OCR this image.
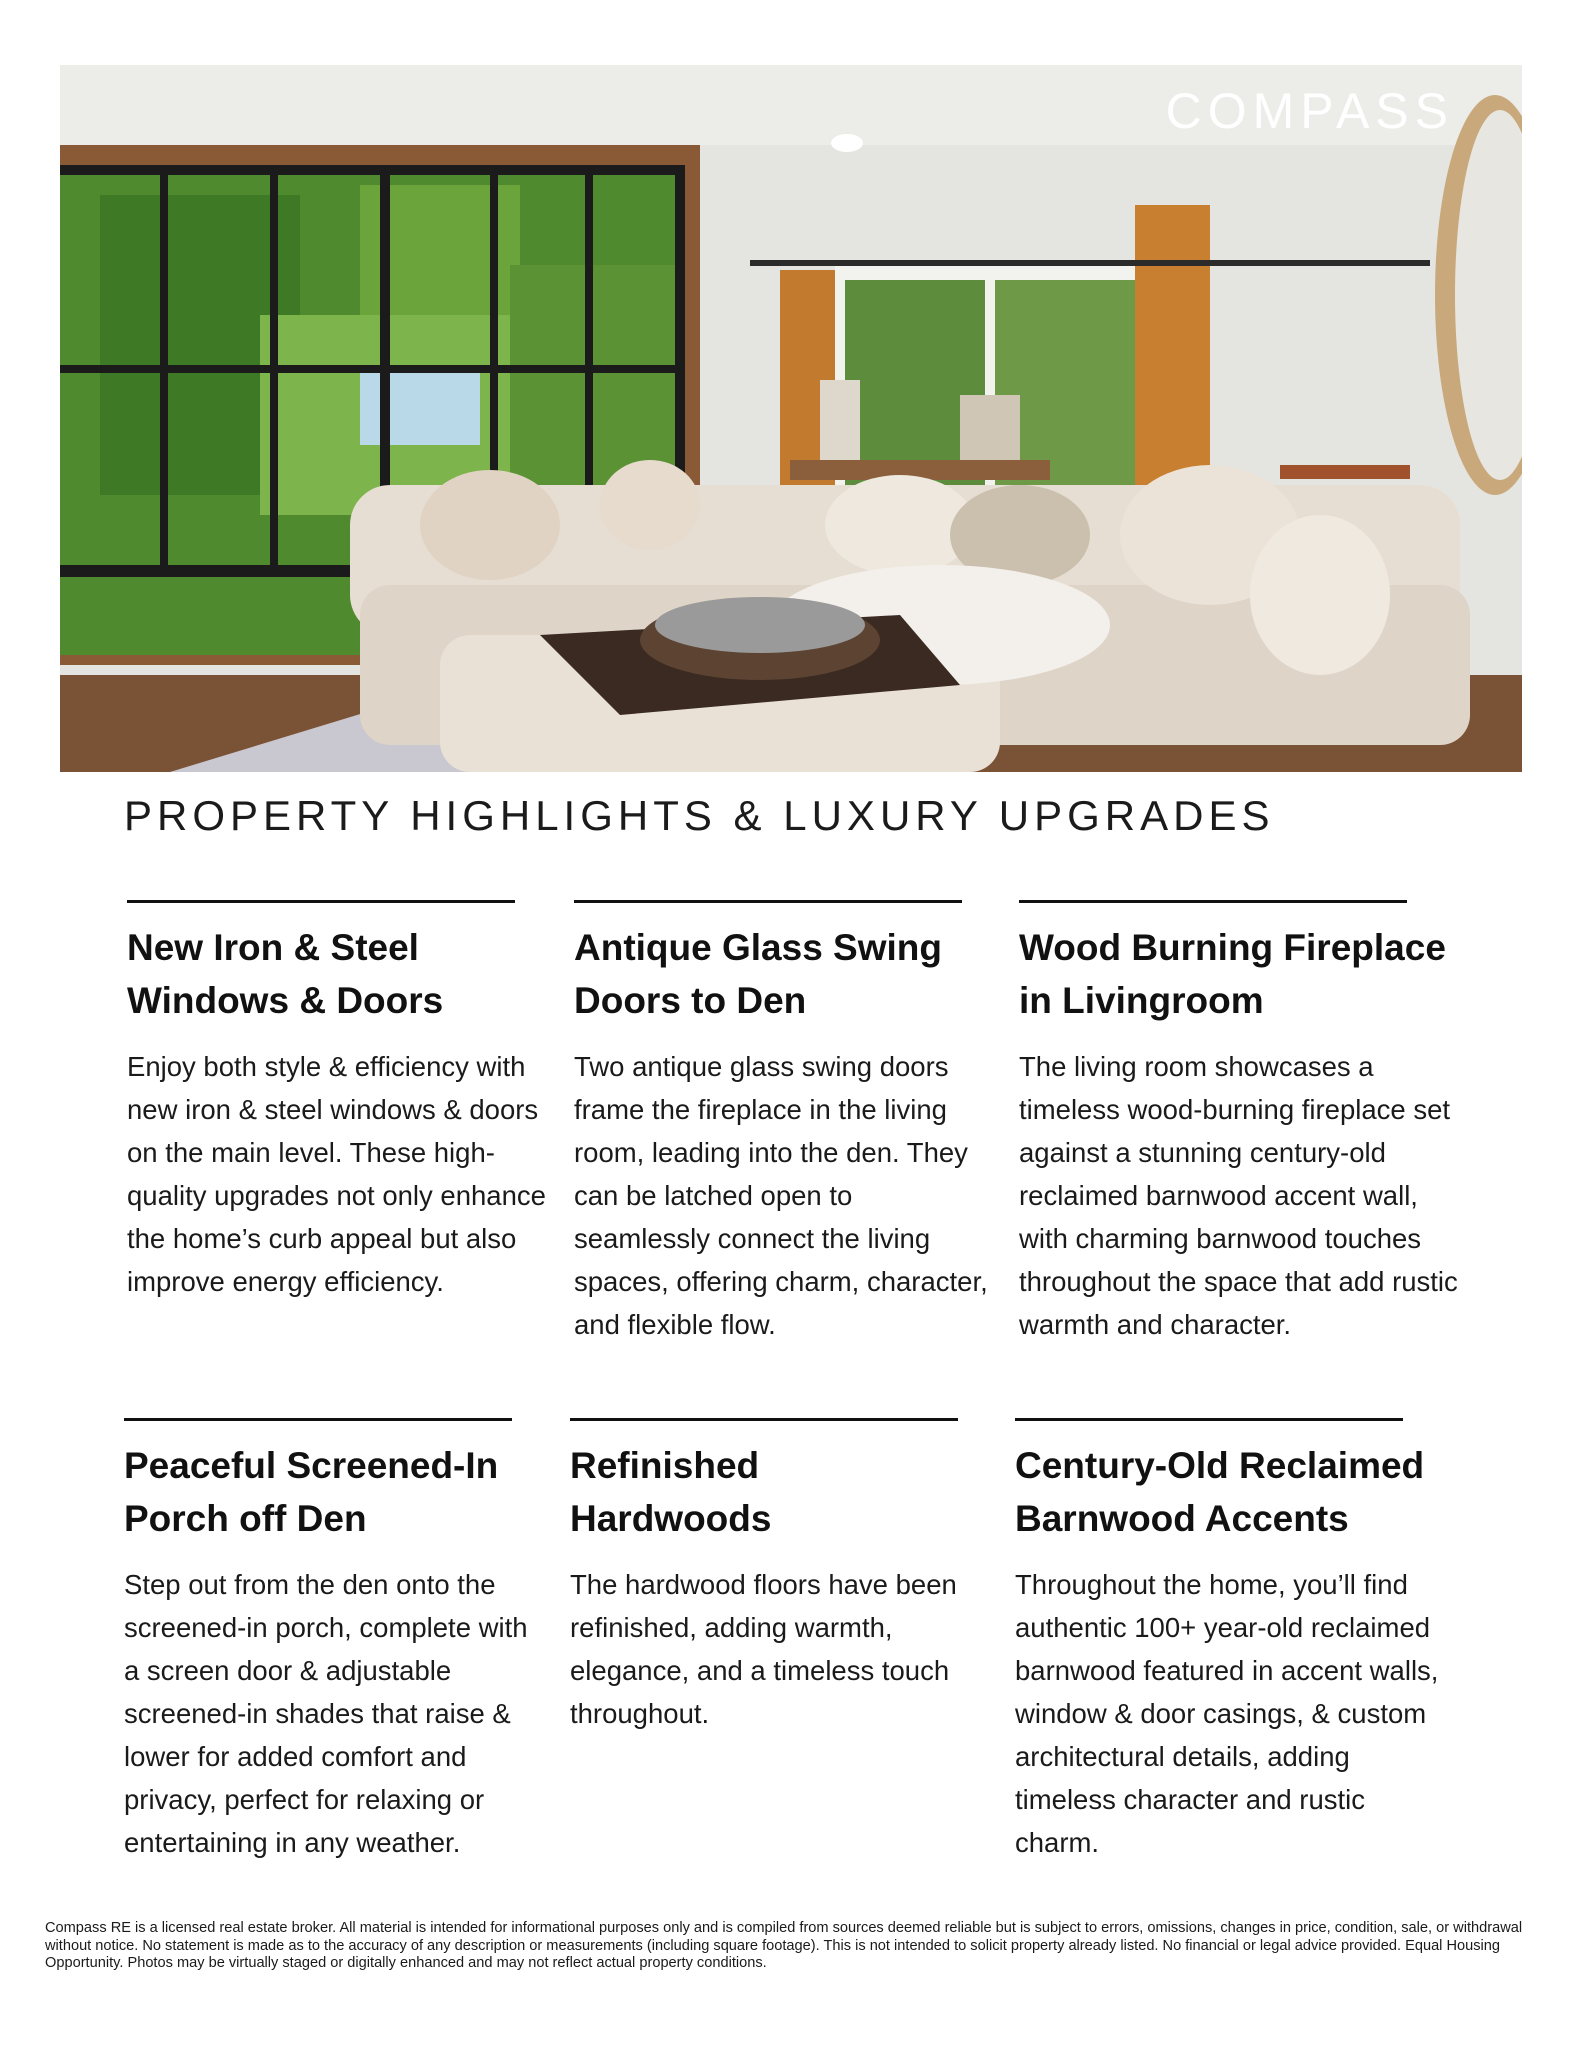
COMPASS
PROPERTY HIGHLIGHTS & LUXURY UPGRADES
New Iron & Steel Windows & Doors

Enjoy both style & efficiency with new iron & steel windows & doors on the main level. These high-quality upgrades not only enhance the home’s curb appeal but also improve energy efficiency.

Antique Glass Swing Doors to Den

Two antique glass swing doors frame the fireplace in the living room, leading into the den. They can be latched open to seamlessly connect the living spaces, offering charm, character, and flexible flow.

Wood Burning Fireplace in Livingroom

The living room showcases a timeless wood-burning fireplace set against a stunning century-old reclaimed barnwood accent wall, with charming barnwood touches throughout the space that add rustic warmth and character.

Peaceful Screened-In Porch off Den

Step out from the den onto the screened-in porch, complete with a screen door & adjustable screened-in shades that raise & lower for added comfort and privacy, perfect for relaxing or entertaining in any weather.

Refinished Hardwoods

The hardwood floors have been refinished, adding warmth, elegance, and a timeless touch throughout.

Century-Old Reclaimed Barnwood Accents

Throughout the home, you’ll find authentic 100+ year-old reclaimed barnwood featured in accent walls, window & door casings, & custom architectural details, adding timeless character and rustic charm.

Compass RE is a licensed real estate broker. All material is intended for informational purposes only and is compiled from sources deemed reliable but is subject to errors, omissions, changes in price, condition, sale, or withdrawal without notice. No statement is made as to the accuracy of any description or measurements (including square footage). This is not intended to solicit property already listed. No financial or legal advice provided. Equal Housing Opportunity. Photos may be virtually staged or digitally enhanced and may not reflect actual property conditions.
